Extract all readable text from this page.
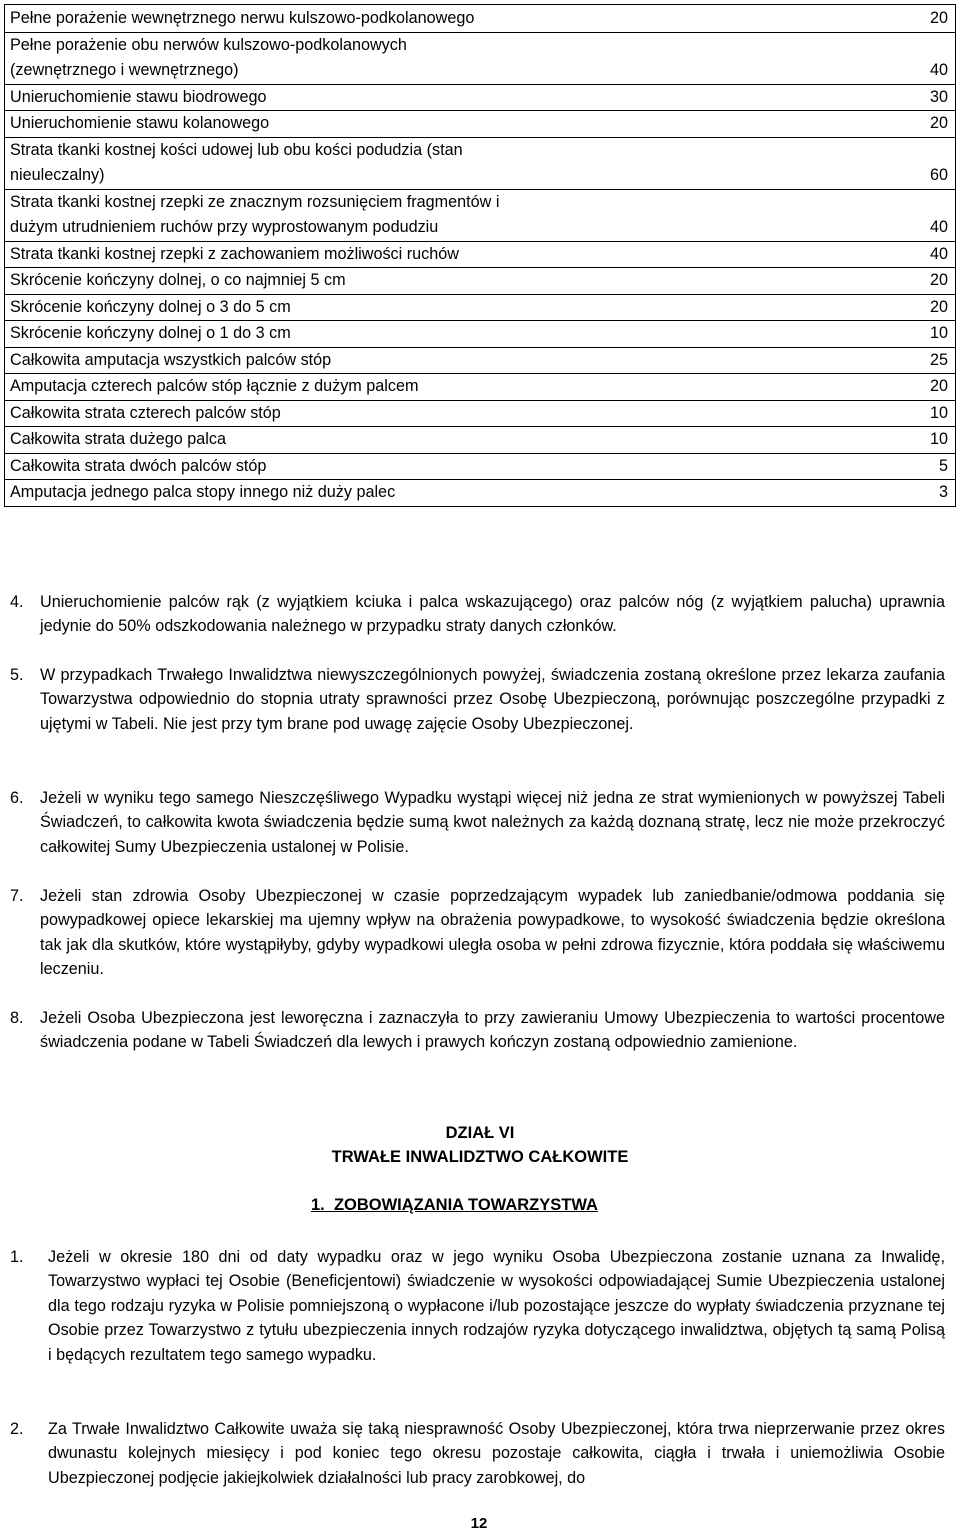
Pełne porażenie wewnętrznego nerwu kulszowo-podkolanowego	20
Pełne porażenie obu nerwów kulszowo-podkolanowych (zewnętrznego i wewnętrznego)	40
Unieruchomienie stawu biodrowego	30
Unieruchomienie stawu kolanowego	20
Strata tkanki kostnej kości udowej lub obu kości podudzia (stan nieuleczalny)	60
Strata tkanki kostnej rzepki ze znacznym rozsunięciem fragmentów i dużym utrudnieniem ruchów przy wyprostowanym podudziu	40
Strata tkanki kostnej rzepki z zachowaniem możliwości ruchów	40
Skrócenie kończyny dolnej, o co najmniej 5 cm	20
Skrócenie kończyny dolnej o 3 do 5 cm	20
Skrócenie kończyny dolnej o 1 do 3 cm	10
Całkowita amputacja wszystkich palców stóp	25
Amputacja czterech palców stóp łącznie z dużym palcem	20
Całkowita strata czterech palców stóp	10
Całkowita strata dużego palca	10
Całkowita strata dwóch palców stóp	5
Amputacja jednego palca stopy innego niż duży palec	3
4.	Unieruchomienie palców rąk (z wyjątkiem kciuka i palca wskazującego) oraz palców nóg (z wyjątkiem palucha) uprawnia jedynie do 50% odszkodowania należnego w przypadku straty danych członków.
5.	W przypadkach Trwałego Inwalidztwa niewyszczególnionych powyżej, świadczenia zostaną określone przez lekarza zaufania Towarzystwa odpowiednio do stopnia utraty sprawności przez Osobę Ubezpieczoną, porównując poszczególne przypadki z ujętymi w Tabeli. Nie jest przy tym brane pod uwagę zajęcie Osoby Ubezpieczonej.
6.	Jeżeli w wyniku tego samego Nieszczęśliwego Wypadku wystąpi więcej niż jedna ze strat wymienionych w powyższej Tabeli Świadczeń, to całkowita kwota świadczenia będzie sumą kwot należnych za każdą doznaną stratę, lecz nie może przekroczyć całkowitej Sumy Ubezpieczenia ustalonej w Polisie.
7.	Jeżeli stan zdrowia Osoby Ubezpieczonej w czasie poprzedzającym wypadek lub zaniedbanie/odmowa poddania się powypadkowej opiece lekarskiej ma ujemny wpływ na obrażenia powypadkowe, to wysokość świadczenia będzie określona tak jak dla skutków, które wystąpiłyby, gdyby wypadkowi uległa osoba w pełni zdrowa fizycznie, która poddała się właściwemu leczeniu.
8.	Jeżeli Osoba Ubezpieczona jest leworęczna i zaznaczyła to przy zawieraniu Umowy Ubezpieczenia to wartości procentowe świadczenia podane w Tabeli Świadczeń dla lewych i prawych kończyn zostaną odpowiednio zamienione.
DZIAŁ VI
TRWAŁE INWALIDZTWO CAŁKOWITE
1. ZOBOWIĄZANIA TOWARZYSTWA
1.	Jeżeli w okresie 180 dni od daty wypadku oraz w jego wyniku Osoba Ubezpieczona zostanie uznana za Inwalidę, Towarzystwo wypłaci tej Osobie (Beneficjentowi) świadczenie w wysokości odpowiadającej Sumie Ubezpieczenia ustalonej dla tego rodzaju ryzyka w Polisie pomniejszoną o wypłacone i/lub pozostające jeszcze do wypłaty świadczenia przyznane tej Osobie przez Towarzystwo z tytułu ubezpieczenia innych rodzajów ryzyka dotyczącego inwalidztwa, objętych tą samą Polisą i będących rezultatem tego samego wypadku.
2.	Za Trwałe Inwalidztwo Całkowite uważa się taką niesprawność Osoby Ubezpieczonej, która trwa nieprzerwanie przez okres dwunastu kolejnych miesięcy i pod koniec tego okresu pozostaje całkowita, ciągła i trwała i uniemożliwia Osobie Ubezpieczonej podjęcie jakiejkolwiek działalności lub pracy zarobkowej, do
12
